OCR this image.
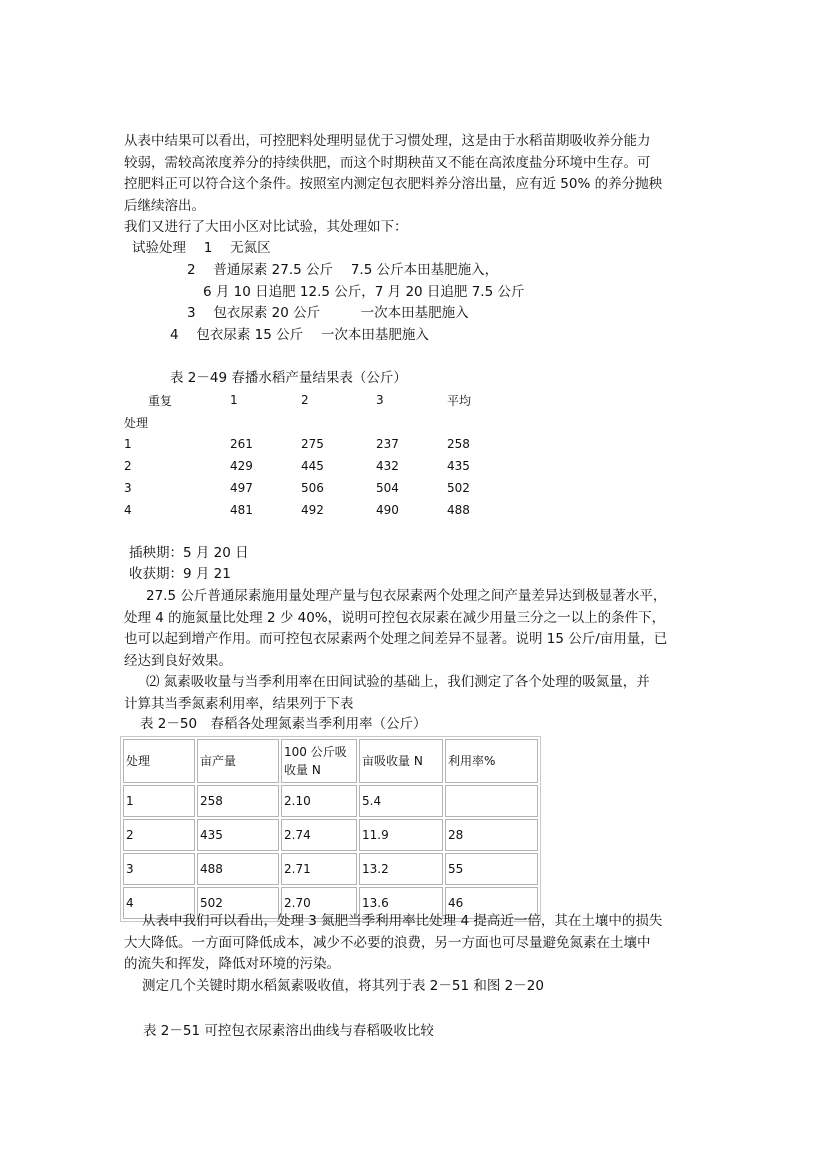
从表中结果可以看出，可控肥料处理明显优于习惯处理，这是由于水稻苗期吸收养分能力
较弱，需较高浓度养分的持续供肥，而这个时期秧苗又不能在高浓度盐分环境中生存。可
控肥料正可以符合这个条件。按照室内测定包衣肥料养分溶出量，应有近 50% 的养分抛秧
后继续溶出。
我们又进行了大田小区对比试验，其处理如下：
试验处理　 1　 无氮区
2　 普通尿素 27.5 公斤　 7.5 公斤本田基肥施入，
6 月 10 日追肥 12.5 公斤，7 月 20 日追肥 7.5 公斤
3　 包衣尿素 20 公斤　　　一次本田基肥施入
4　 包衣尿素 15 公斤　 一次本田基肥施入
表 2－49 春播水稻产量结果表（公斤）
重复	1	2	3	平均
处理				
1	261	275	237	258
2	429	445	432	435
3	497	506	504	502
4	481	492	490	488
插秧期：5 月 20 日
收获期：9 月 21
27.5 公斤普通尿素施用量处理产量与包衣尿素两个处理之间产量差异达到极显著水平，
处理 4 的施氮量比处理 2 少 40%，说明可控包衣尿素在减少用量三分之一以上的条件下，
也可以起到增产作用。而可控包衣尿素两个处理之间差异不显著。说明 15 公斤/亩用量，已
经达到良好效果。
⑵ 氮素吸收量与当季利用率在田间试验的基础上，我们测定了各个处理的吸氮量，并
计算其当季氮素利用率，结果列于下表
表 2－50　春稻各处理氮素当季利用率（公斤）
处理	亩产量	100 公斤吸收量 N	亩吸收量 N	利用率%
1	258	2.10	5.4	
2	435	2.74	11.9	28
3	488	2.71	13.2	55
4	502	2.70	13.6	46
从表中我们可以看出，处理 3 氮肥当季利用率比处理 4 提高近一倍，其在土壤中的损失
大大降低。一方面可降低成本，减少不必要的浪费，另一方面也可尽量避免氮素在土壤中
的流失和挥发，降低对环境的污染。
测定几个关键时期水稻氮素吸收值，将其列于表 2－51 和图 2－20
表 2－51 可控包衣尿素溶出曲线与春稻吸收比较
